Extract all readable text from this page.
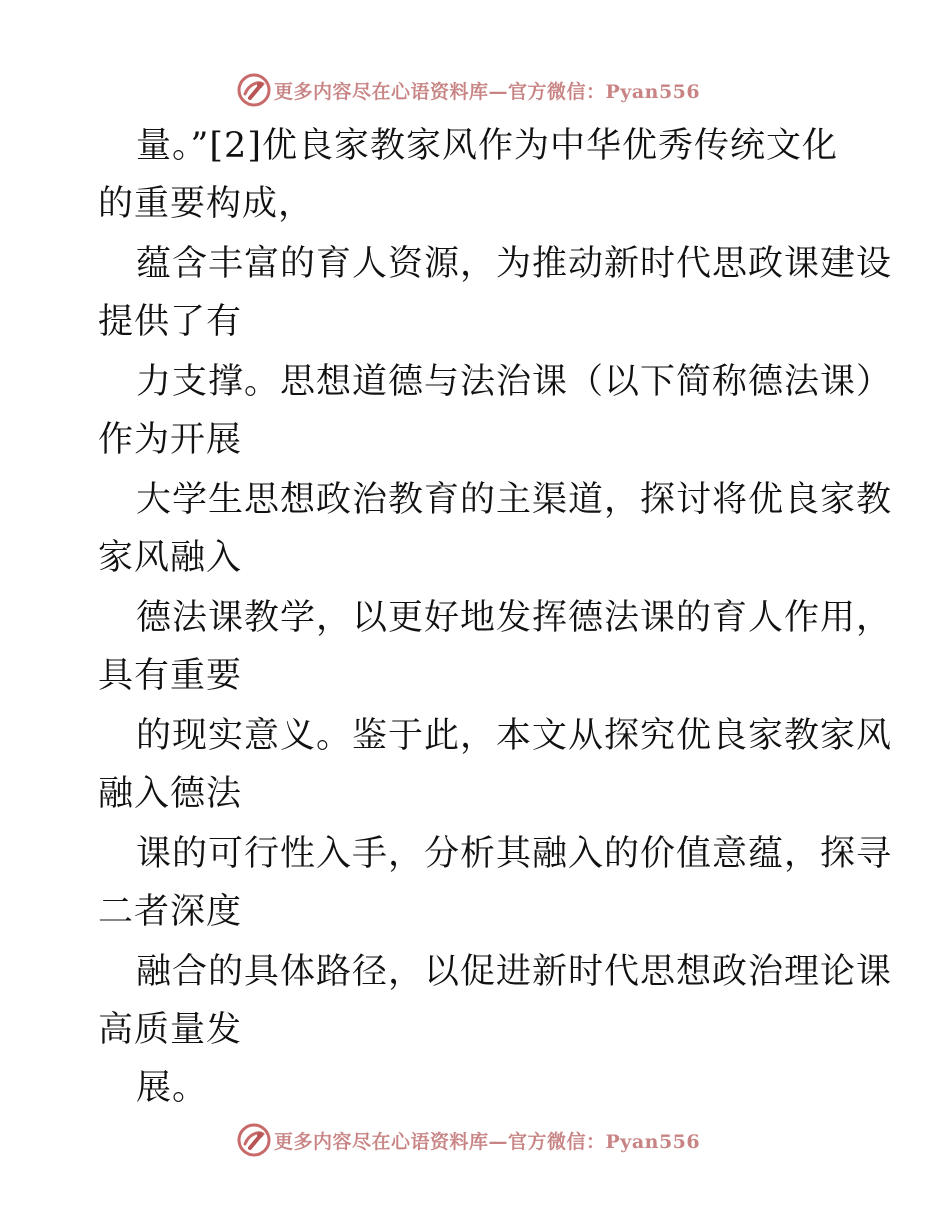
更多内容尽在心语资料库—官方微信：Pyan556
量。”[2]优良家教家风作为中华优秀传统文化
的重要构成，
蕴含丰富的育人资源，为推动新时代思政课建设
提供了有
力支撑。思想道德与法治课（以下简称德法课）
作为开展
大学生思想政治教育的主渠道，探讨将优良家教
家风融入
德法课教学，以更好地发挥德法课的育人作用，
具有重要
的现实意义。鉴于此，本文从探究优良家教家风
融入德法
课的可行性入手，分析其融入的价值意蕴，探寻
二者深度
融合的具体路径，以促进新时代思想政治理论课
高质量发
展。
更多内容尽在心语资料库—官方微信：Pyan556
